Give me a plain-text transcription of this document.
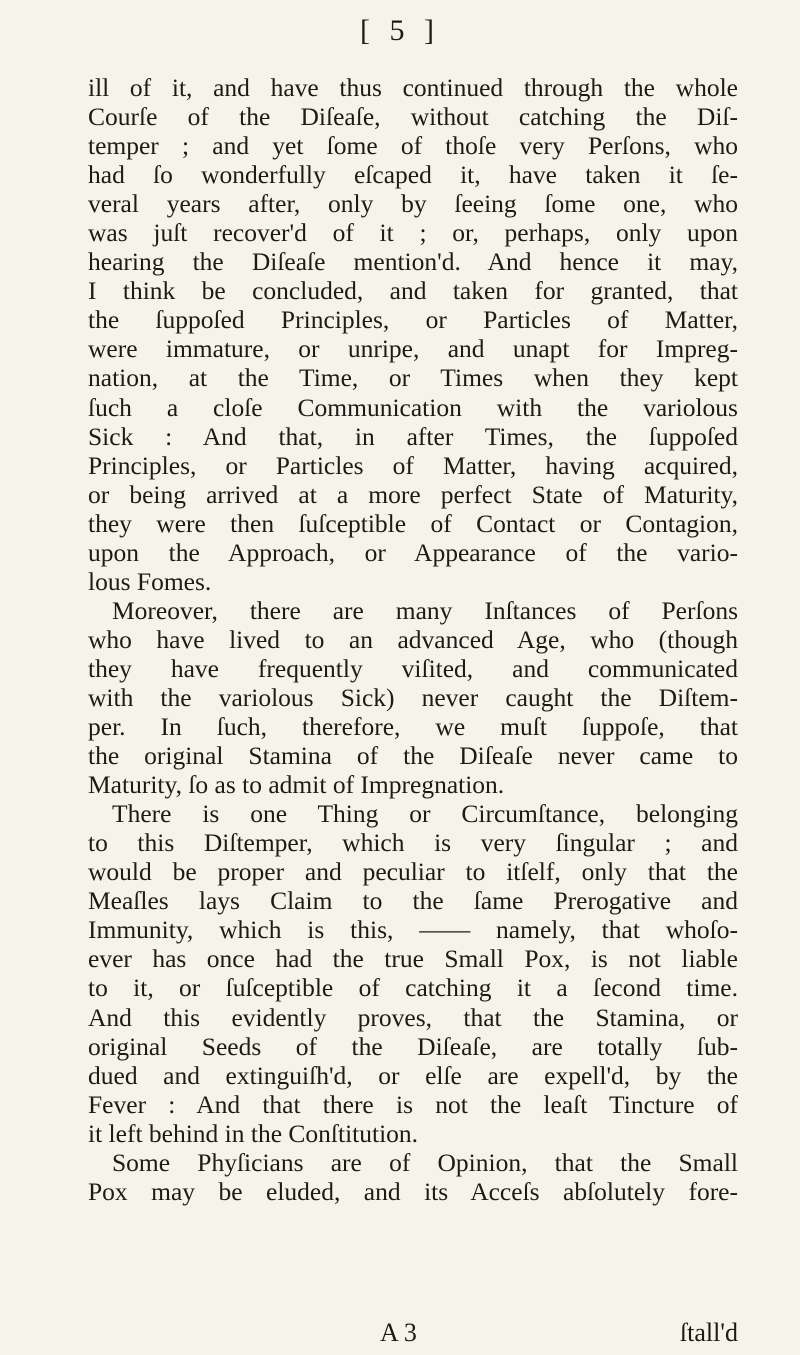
[ 5 ]
ill of it, and have thus continued through the whole
Courſe of the Diſeaſe, without catching the Diſ-
temper ; and yet ſome of thoſe very Perſons, who
had ſo wonderfully eſcaped it, have taken it ſe-
veral years after, only by ſeeing ſome one, who
was juſt recover'd of it ; or, perhaps, only upon
hearing the Diſeaſe mention'd. And hence it may,
I think be concluded, and taken for granted, that
the ſuppoſed Principles, or Particles of Matter,
were immature, or unripe, and unapt for Impreg-
nation, at the Time, or Times when they kept
ſuch a cloſe Communication with the variolous
Sick : And that, in after Times, the ſuppoſed
Principles, or Particles of Matter, having acquired,
or being arrived at a more perfect State of Maturity,
they were then ſuſceptible of Contact or Contagion,
upon the Approach, or Appearance of the vario-
lous Fomes.
Moreover, there are many Inſtances of Perſons
who have lived to an advanced Age, who (though
they have frequently viſited, and communicated
with the variolous Sick) never caught the Diſtem-
per. In ſuch, therefore, we muſt ſuppoſe, that
the original Stamina of the Diſeaſe never came to
Maturity, ſo as to admit of Impregnation.
There is one Thing or Circumſtance, belonging
to this Diſtemper, which is very ſingular ; and
would be proper and peculiar to itſelf, only that the
Meaſles lays Claim to the ſame Prerogative and
Immunity, which is this, —— namely, that whoſo-
ever has once had the true Small Pox, is not liable
to it, or ſuſceptible of catching it a ſecond time.
And this evidently proves, that the Stamina, or
original Seeds of the Diſeaſe, are totally ſub-
dued and extinguiſh'd, or elſe are expell'd, by the
Fever : And that there is not the leaſt Tincture of
it left behind in the Conſtitution.
Some Phyſicians are of Opinion, that the Small
Pox may be eluded, and its Acceſs abſolutely fore-
A 3	ſtall'd
